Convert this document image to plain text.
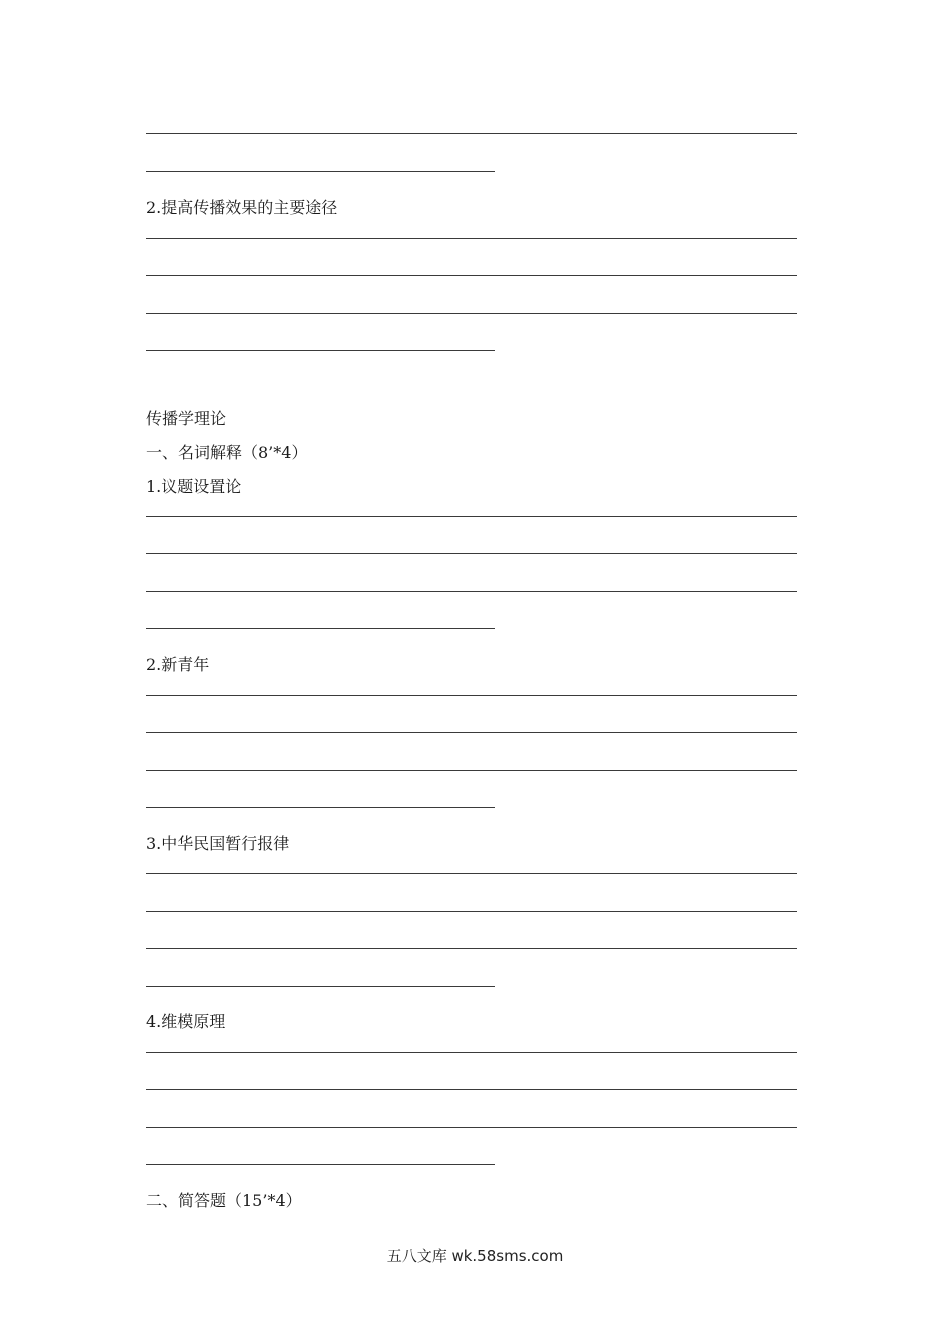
2.提高传播效果的主要途径
传播学理论
一、名词解释（8’*4）
1.议题设置论
2.新青年
3.中华民国暂行报律
4.维模原理
二、简答题（15’*4）
五八文库 wk.58sms.com
